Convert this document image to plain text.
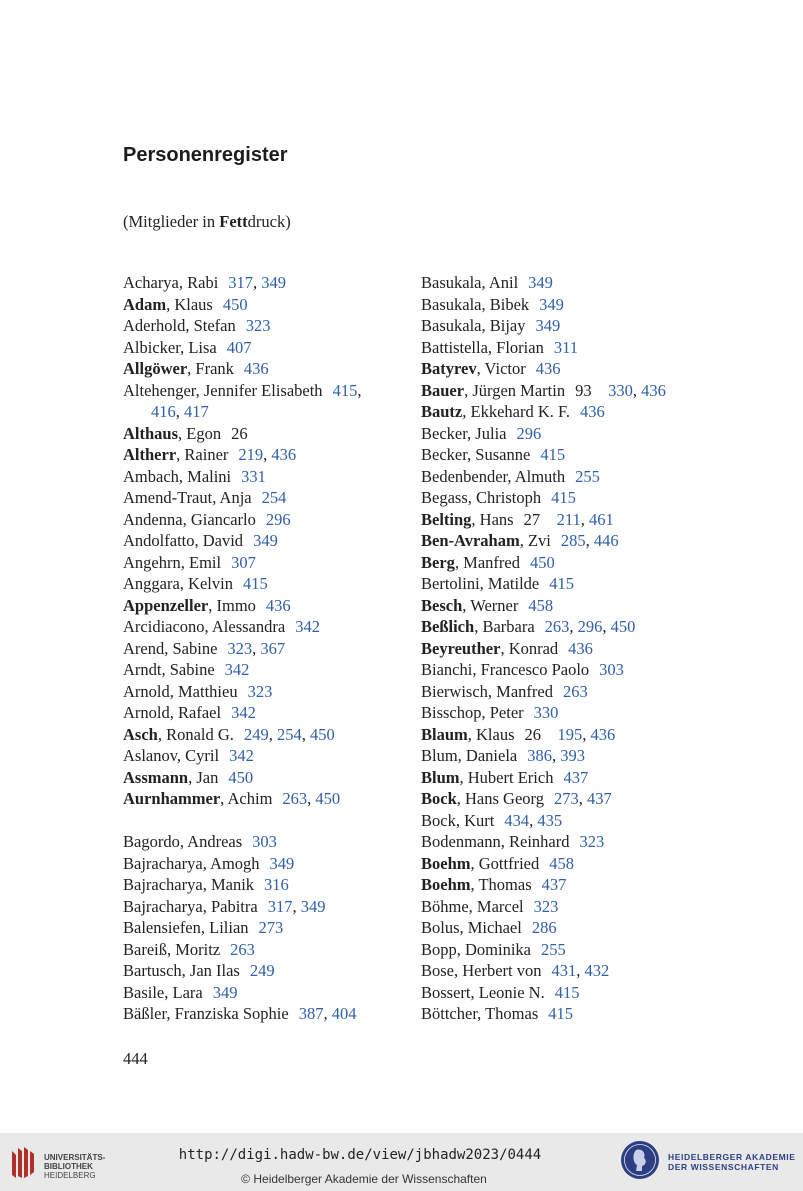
Personenregister
(Mitglieder in Fettdruck)
Acharya, Rabi 317, 349
Adam, Klaus 450
Aderhold, Stefan 323
Albicker, Lisa 407
Allgöwer, Frank 436
Altehenger, Jennifer Elisabeth 415,
416, 417
Althaus, Egon 26
Altherr, Rainer 219, 436
Ambach, Malini 331
Amend-Traut, Anja 254
Andenna, Giancarlo 296
Andolfatto, David 349
Angehrn, Emil 307
Anggara, Kelvin 415
Appenzeller, Immo 436
Arcidiacono, Alessandra 342
Arend, Sabine 323, 367
Arndt, Sabine 342
Arnold, Matthieu 323
Arnold, Rafael 342
Asch, Ronald G. 249, 254, 450
Aslanov, Cyril 342
Assmann, Jan 450
Aurnhammer, Achim 263, 450
Bagordo, Andreas 303
Bajracharya, Amogh 349
Bajracharya, Manik 316
Bajracharya, Pabitra 317, 349
Balensiefen, Lilian 273
Bareiß, Moritz 263
Bartusch, Jan Ilas 249
Basile, Lara 349
Bäßler, Franziska Sophie 387, 404
Basukala, Anil 349
Basukala, Bibek 349
Basukala, Bijay 349
Battistella, Florian 311
Batyrev, Victor 436
Bauer, Jürgen Martin 93  330, 436
Bautz, Ekkehard K. F. 436
Becker, Julia 296
Becker, Susanne 415
Bedenbender, Almuth 255
Begass, Christoph 415
Belting, Hans 27  211, 461
Ben-Avraham, Zvi 285, 446
Berg, Manfred 450
Bertolini, Matilde 415
Besch, Werner 458
Beßlich, Barbara 263, 296, 450
Beyreuther, Konrad 436
Bianchi, Francesco Paolo 303
Bierwisch, Manfred 263
Bisschop, Peter 330
Blaum, Klaus 26  195, 436
Blum, Daniela 386, 393
Blum, Hubert Erich 437
Bock, Hans Georg 273, 437
Bock, Kurt 434, 435
Bodenmann, Reinhard 323
Boehm, Gottfried 458
Boehm, Thomas 437
Böhme, Marcel 323
Bolus, Michael 286
Bopp, Dominika 255
Bose, Herbert von 431, 432
Bossert, Leonie N. 415
Böttcher, Thomas 415
444
UNIVERSITÄTS-
BIBLIOTHEK
HEIDELBERG
http://digi.hadw-bw.de/view/jbhadw2023/0444
© Heidelberger Akademie der Wissenschaften
HEIDELBERGER AKADEMIE
DER WISSENSCHAFTEN
